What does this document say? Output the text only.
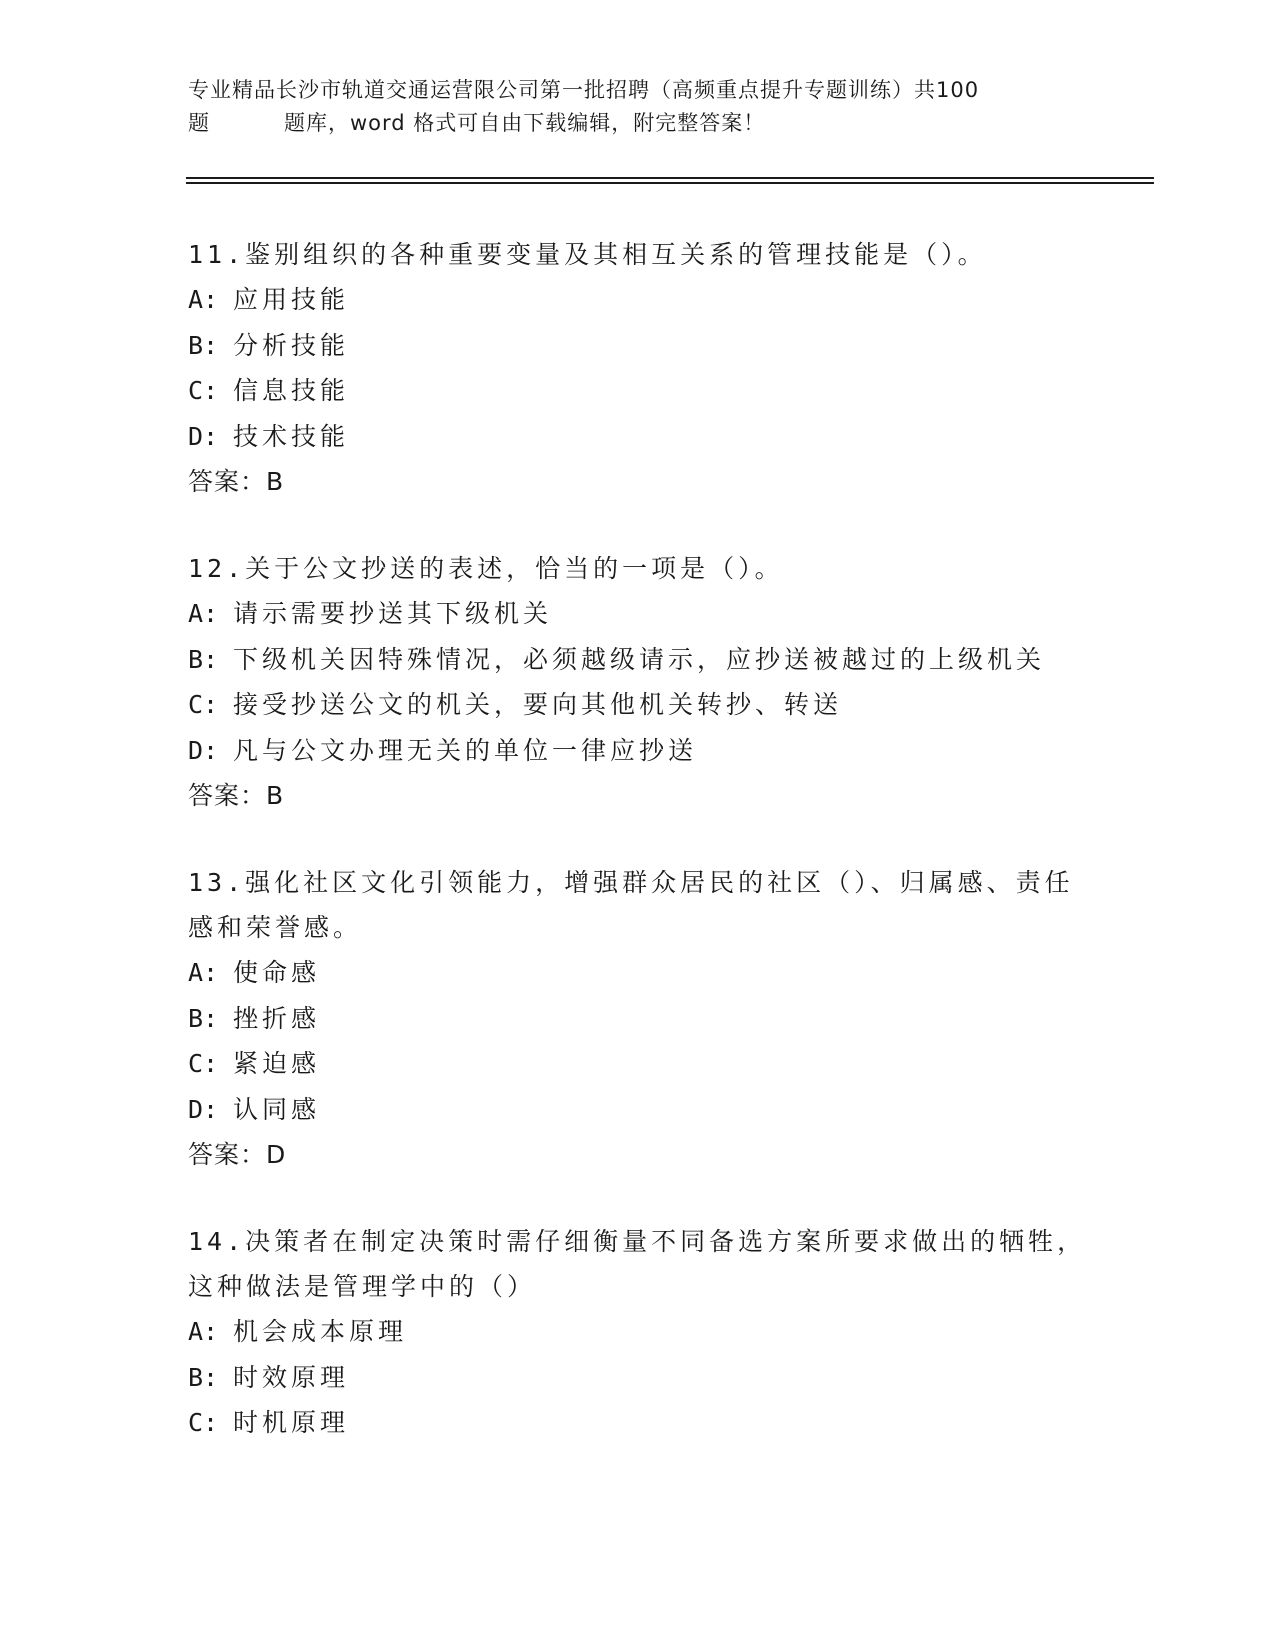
专业精品长沙市轨道交通运营限公司第一批招聘（高频重点提升专题训练）共100
题	题库，word 格式可自由下载编辑，附完整答案！
11.鉴别组织的各种重要变量及其相互关系的管理技能是（）。
A: 应用技能
B: 分析技能
C: 信息技能
D: 技术技能
答案：B
12.关于公文抄送的表述，恰当的一项是（）。
A: 请示需要抄送其下级机关
B: 下级机关因特殊情况，必须越级请示，应抄送被越过的上级机关
C: 接受抄送公文的机关，要向其他机关转抄、转送
D: 凡与公文办理无关的单位一律应抄送
答案：B
13.强化社区文化引领能力，增强群众居民的社区（）、归属感、责任感和荣誉感。
A: 使命感
B: 挫折感
C: 紧迫感
D: 认同感
答案：D
14.决策者在制定决策时需仔细衡量不同备选方案所要求做出的牺牲，这种做法是管理学中的（）
A: 机会成本原理
B: 时效原理
C: 时机原理
